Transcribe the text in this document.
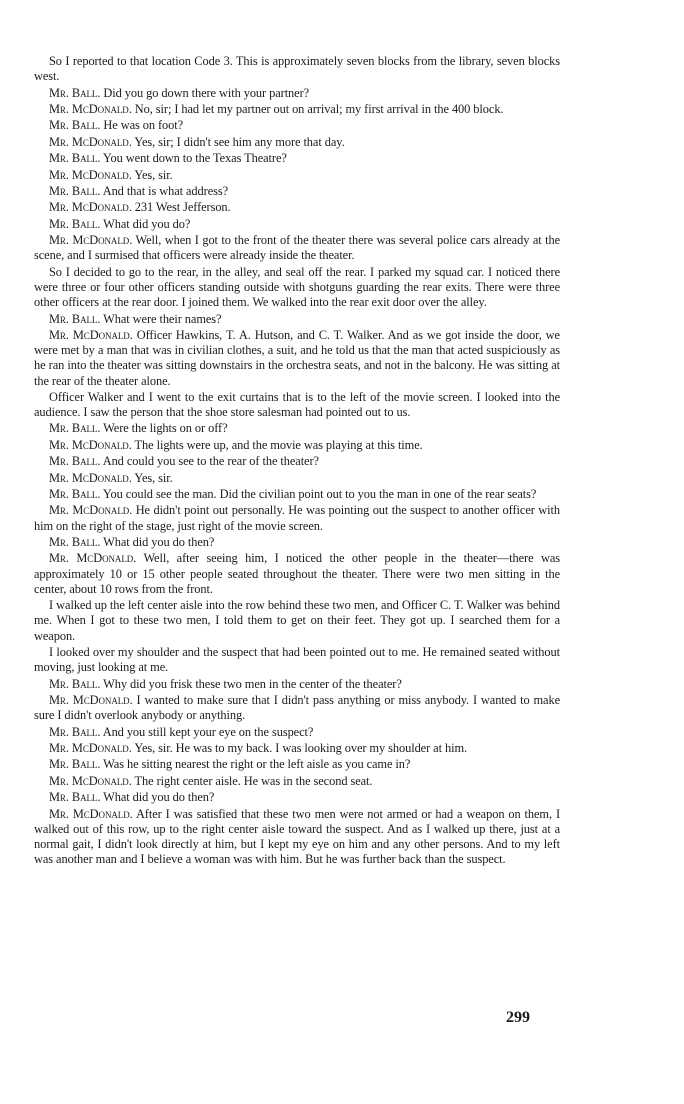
So I reported to that location Code 3. This is approximately seven blocks from the library, seven blocks west.

Mr. Ball. Did you go down there with your partner?

Mr. McDonald. No, sir; I had let my partner out on arrival; my first arrival in the 400 block.

Mr. Ball. He was on foot?

Mr. McDonald. Yes, sir; I didn't see him any more that day.

Mr. Ball. You went down to the Texas Theatre?

Mr. McDonald. Yes, sir.

Mr. Ball. And that is what address?

Mr. McDonald. 231 West Jefferson.

Mr. Ball. What did you do?

Mr. McDonald. Well, when I got to the front of the theater there was several police cars already at the scene, and I surmised that officers were already inside the theater.

So I decided to go to the rear, in the alley, and seal off the rear. I parked my squad car. I noticed there were three or four other officers standing outside with shotguns guarding the rear exits. There were three other officers at the rear door. I joined them. We walked into the rear exit door over the alley.

Mr. Ball. What were their names?

Mr. McDonald. Officer Hawkins, T. A. Hutson, and C. T. Walker. And as we got inside the door, we were met by a man that was in civilian clothes, a suit, and he told us that the man that acted suspiciously as he ran into the theater was sitting downstairs in the orchestra seats, and not in the balcony. He was sitting at the rear of the theater alone.

Officer Walker and I went to the exit curtains that is to the left of the movie screen. I looked into the audience. I saw the person that the shoe store salesman had pointed out to us.

Mr. Ball. Were the lights on or off?

Mr. McDonald. The lights were up, and the movie was playing at this time.

Mr. Ball. And could you see to the rear of the theater?

Mr. McDonald. Yes, sir.

Mr. Ball. You could see the man. Did the civilian point out to you the man in one of the rear seats?

Mr. McDonald. He didn't point out personally. He was pointing out the suspect to another officer with him on the right of the stage, just right of the movie screen.

Mr. Ball. What did you do then?

Mr. McDonald. Well, after seeing him, I noticed the other people in the theater—there was approximately 10 or 15 other people seated throughout the theater. There were two men sitting in the center, about 10 rows from the front.

I walked up the left center aisle into the row behind these two men, and Officer C. T. Walker was behind me. When I got to these two men, I told them to get on their feet. They got up. I searched them for a weapon.

I looked over my shoulder and the suspect that had been pointed out to me. He remained seated without moving, just looking at me.

Mr. Ball. Why did you frisk these two men in the center of the theater?

Mr. McDonald. I wanted to make sure that I didn't pass anything or miss anybody. I wanted to make sure I didn't overlook anybody or anything.

Mr. Ball. And you still kept your eye on the suspect?

Mr. McDonald. Yes, sir. He was to my back. I was looking over my shoulder at him.

Mr. Ball. Was he sitting nearest the right or the left aisle as you came in?

Mr. McDonald. The right center aisle. He was in the second seat.

Mr. Ball. What did you do then?

Mr. McDonald. After I was satisfied that these two men were not armed or had a weapon on them, I walked out of this row, up to the right center aisle toward the suspect. And as I walked up there, just at a normal gait, I didn't look directly at him, but I kept my eye on him and any other persons. And to my left was another man and I believe a woman was with him. But he was further back than the suspect.

299
